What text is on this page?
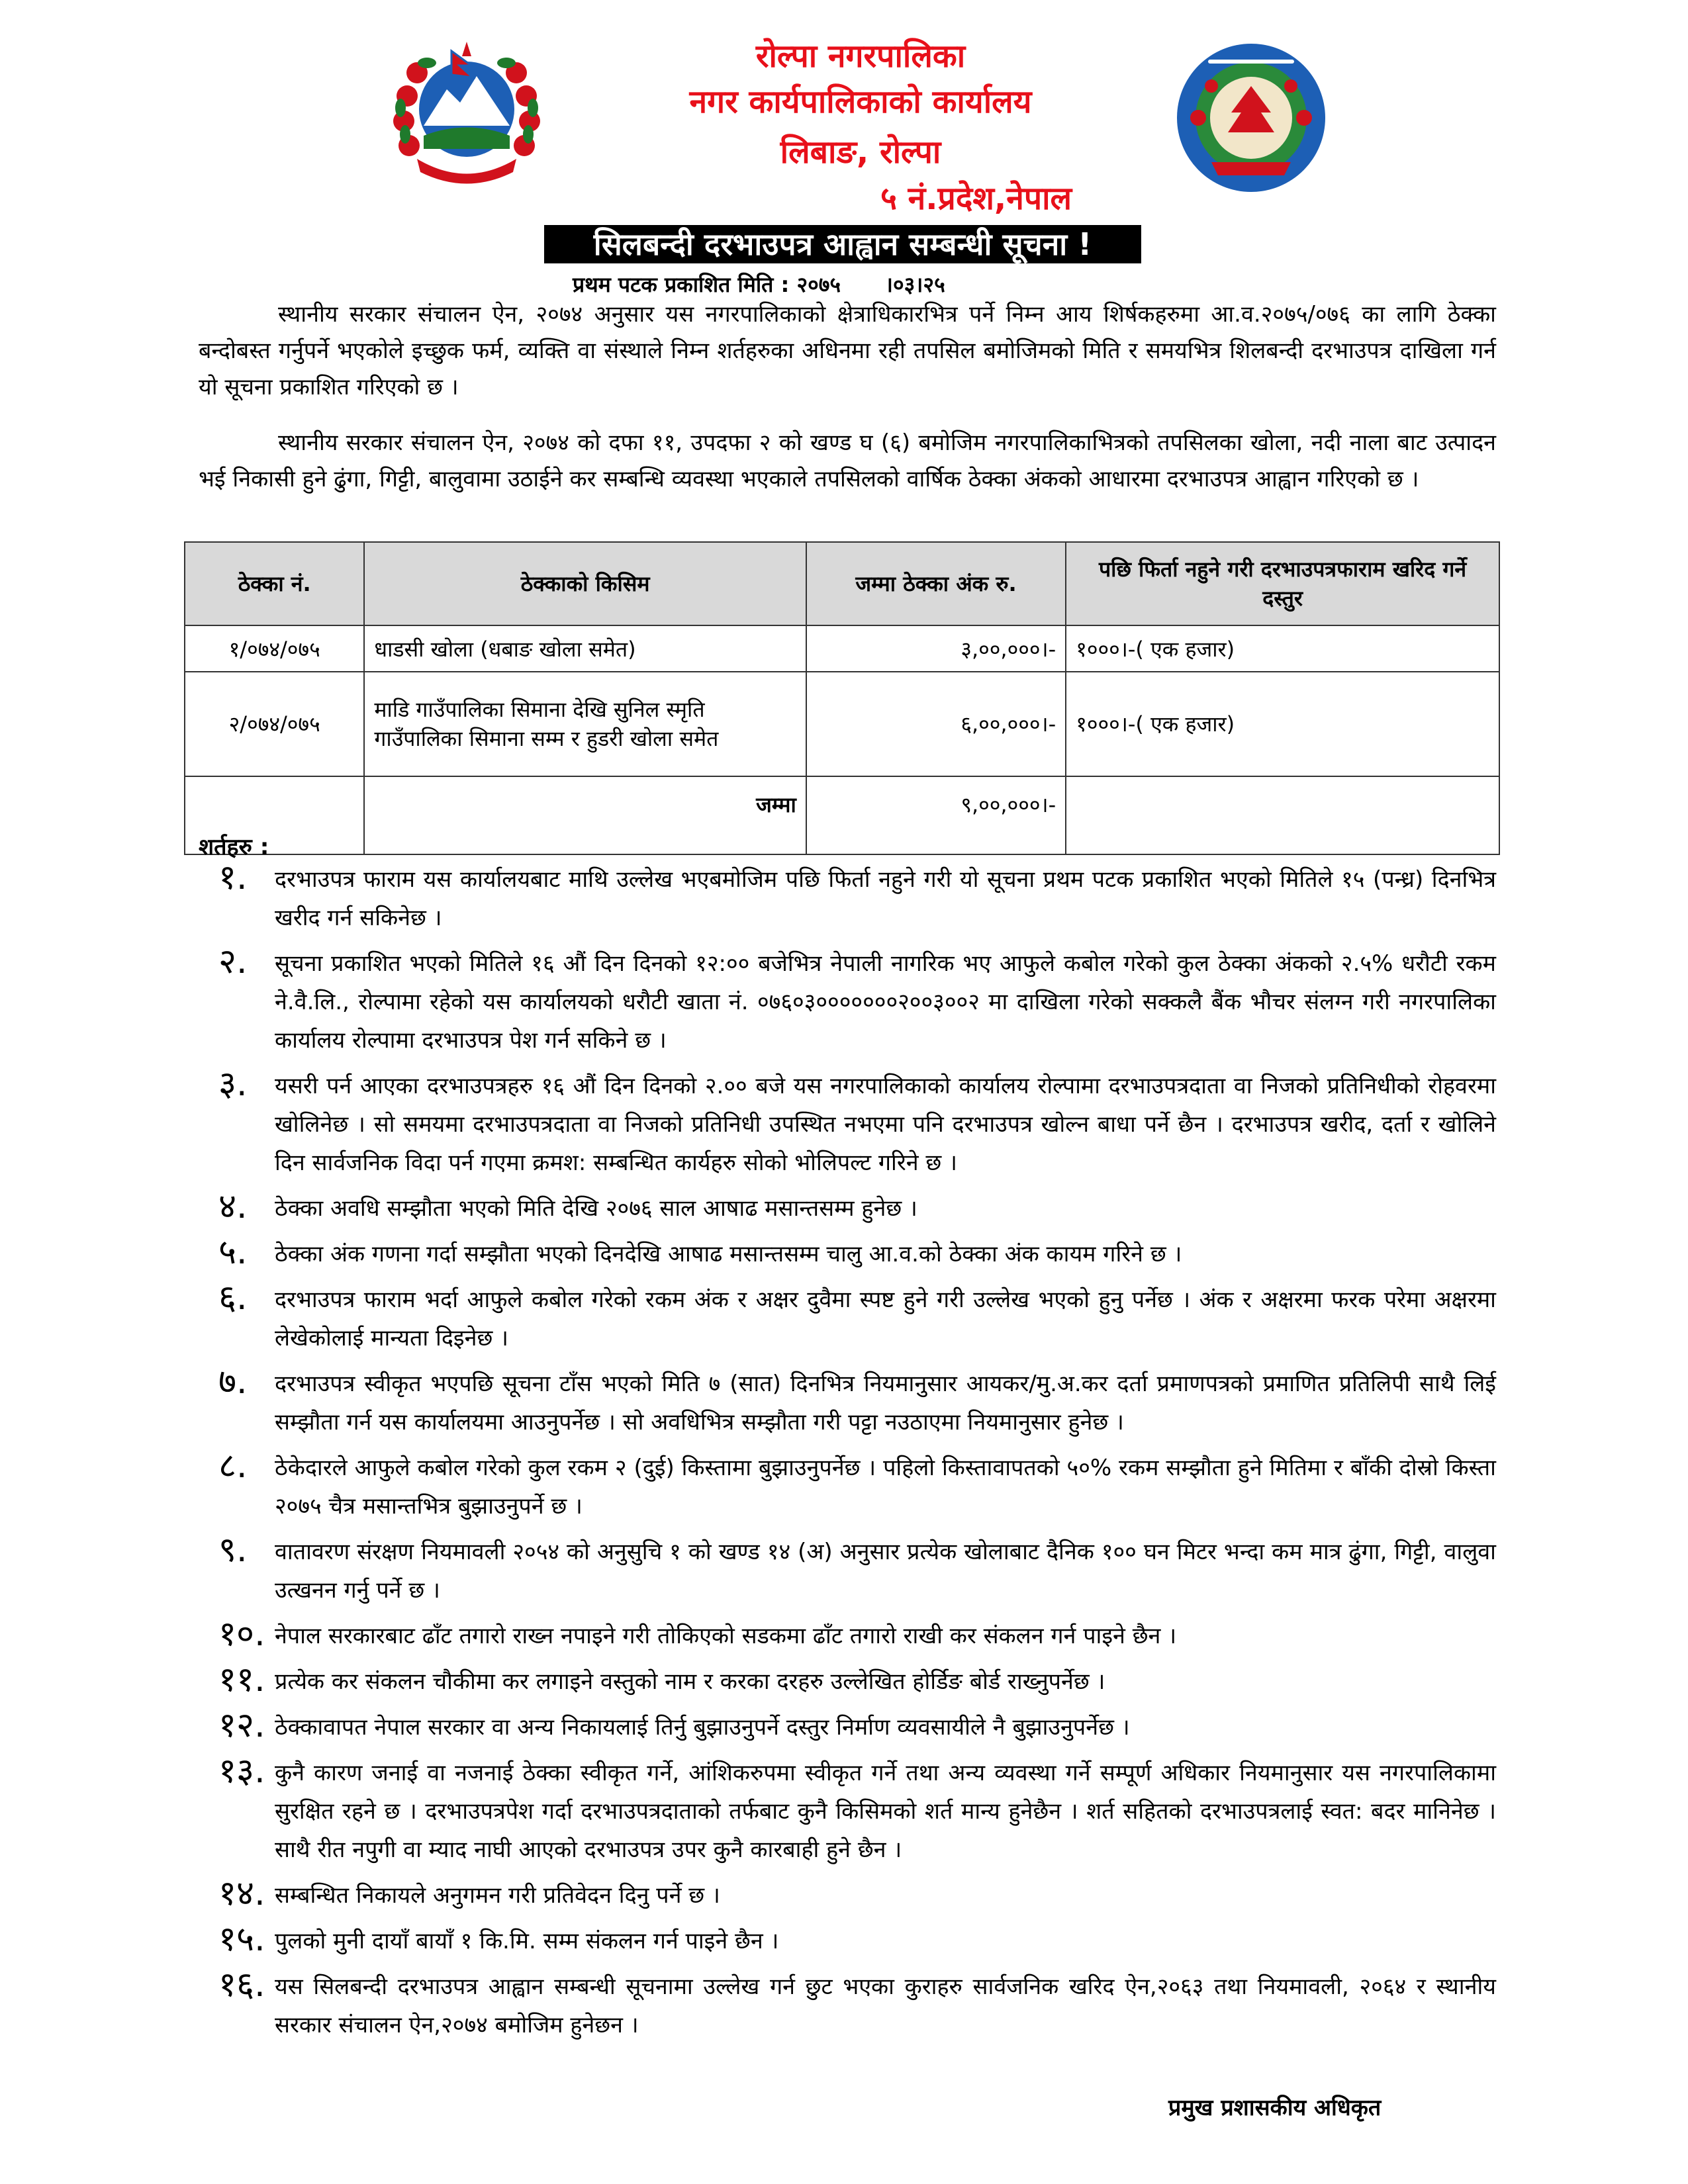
रोल्पा नगरपालिका
नगर कार्यपालिकाको कार्यालय
लिबाङ, रोल्पा
५ नं.प्रदेश,नेपाल
सिलबन्दी दरभाउपत्र आह्वान सम्बन्धी सूचना !
प्रथम पटक प्रकाशित मिति : २०७५      ।०३।२५
स्थानीय सरकार संचालन ऐन, २०७४ अनुसार यस नगरपालिकाको क्षेत्राधिकारभित्र पर्ने निम्न आय शिर्षकहरुमा आ.व.२०७५/०७६ का लागि ठेक्का बन्दोबस्त गर्नुपर्ने भएकोले इच्छुक फर्म, व्यक्ति वा संस्थाले निम्न शर्तहरुका अधिनमा रही तपसिल बमोजिमको मिति र समयभित्र शिलबन्दी दरभाउपत्र दाखिला गर्न यो सूचना प्रकाशित गरिएको छ ।
स्थानीय सरकार संचालन ऐन, २०७४ को दफा ११, उपदफा २ को खण्ड घ (६) बमोजिम नगरपालिकाभित्रको तपसिलका खोला, नदी नाला बाट उत्पादन भई निकासी हुने ढुंगा, गिट्टी, बालुवामा उठाईने कर सम्बन्धि व्यवस्था भएकाले तपसिलको वार्षिक ठेक्का अंकको आधारमा दरभाउपत्र आह्वान गरिएको छ ।
ठेक्का नं.	ठेक्काको किसिम	जम्मा ठेक्का अंक रु.	पछि फिर्ता नहुने गरी दरभाउपत्रफाराम खरिद गर्ने दस्तुर
१/०७४/०७५	धाडसी खोला (धबाङ खोला समेत)	३,००,०००।-	१०००।-( एक हजार)
२/०७४/०७५	माडि गाउँपालिका सिमाना देखि सुनिल स्मृति गाउँपालिका सिमाना सम्म र हुडरी खोला समेत	६,००,०००।-	१०००।-( एक हजार)
	जम्मा	९,००,०००।-	
शर्तहरु :
१. दरभाउपत्र फाराम यस कार्यालयबाट माथि उल्लेख भएबमोजिम पछि फिर्ता नहुने गरी यो सूचना प्रथम पटक प्रकाशित भएको मितिले १५ (पन्ध्र) दिनभित्र खरीद गर्न सकिनेछ ।
२. सूचना प्रकाशित भएको मितिले १६ औं दिन दिनको १२:०० बजेभित्र नेपाली नागरिक भए आफुले कबोल गरेको कुल ठेक्का अंकको २.५% धरौटी रकम ने.वै.लि., रोल्पामा रहेको यस कार्यालयको धरौटी खाता नं. ०७६०३०००००००२००३००२ मा दाखिला गरेको सक्कलै बैंक भौचर संलग्न गरी नगरपालिका कार्यालय रोल्पामा दरभाउपत्र पेश गर्न सकिने छ ।
३. यसरी पर्न आएका दरभाउपत्रहरु १६ औं दिन दिनको २.०० बजे यस नगरपालिकाको कार्यालय रोल्पामा दरभाउपत्रदाता वा निजको प्रतिनिधीको रोहवरमा खोलिनेछ । सो समयमा दरभाउपत्रदाता वा निजको प्रतिनिधी उपस्थित नभएमा पनि दरभाउपत्र खोल्न बाधा पर्ने छैन । दरभाउपत्र खरीद, दर्ता र खोलिने दिन सार्वजनिक विदा पर्न गएमा क्रमश: सम्बन्धित कार्यहरु सोको भोलिपल्ट गरिने छ ।
४. ठेक्का अवधि सम्झौता भएको मिति देखि २०७६ साल आषाढ मसान्तसम्म हुनेछ ।
५. ठेक्का अंक गणना गर्दा सम्झौता भएको दिनदेखि आषाढ मसान्तसम्म चालु आ.व.को ठेक्का अंक कायम गरिने छ ।
६. दरभाउपत्र फाराम भर्दा आफुले कबोल गरेको रकम अंक र अक्षर दुवैमा स्पष्ट हुने गरी उल्लेख भएको हुनु पर्नेछ । अंक र अक्षरमा फरक परेमा अक्षरमा लेखेकोलाई मान्यता दिइनेछ ।
७. दरभाउपत्र स्वीकृत भएपछि सूचना टाँस भएको मिति ७ (सात) दिनभित्र नियमानुसार आयकर/मु.अ.कर दर्ता प्रमाणपत्रको प्रमाणित प्रतिलिपी साथै लिई सम्झौता गर्न यस कार्यालयमा आउनुपर्नेछ । सो अवधिभित्र सम्झौता गरी पट्टा नउठाएमा नियमानुसार हुनेछ ।
८. ठेकेदारले आफुले कबोल गरेको कुल रकम २ (दुई) किस्तामा बुझाउनुपर्नेछ । पहिलो किस्तावापतको ५०% रकम सम्झौता हुने मितिमा र बाँकी दोस्रो किस्ता २०७५ चैत्र मसान्तभित्र बुझाउनुपर्ने छ ।
९. वातावरण संरक्षण नियमावली २०५४ को अनुसुचि १ को खण्ड १४ (अ) अनुसार प्रत्येक खोलाबाट दैनिक १०० घन मिटर भन्दा कम मात्र ढुंगा, गिट्टी, वालुवा उत्खनन गर्नु पर्ने छ ।
१०. नेपाल सरकारबाट ढाँट तगारो राख्न नपाइने गरी तोकिएको सडकमा ढाँट तगारो राखी कर संकलन गर्न पाइने छैन ।
११. प्रत्येक कर संकलन चौकीमा कर लगाइने वस्तुको नाम र करका दरहरु उल्लेखित होर्डिङ बोर्ड राख्नुपर्नेछ ।
१२. ठेक्कावापत नेपाल सरकार वा अन्य निकायलाई तिर्नु बुझाउनुपर्ने दस्तुर निर्माण व्यवसायीले नै बुझाउनुपर्नेछ ।
१३. कुनै कारण जनाई वा नजनाई ठेक्का स्वीकृत गर्ने, आंशिकरुपमा स्वीकृत गर्ने तथा अन्य व्यवस्था गर्ने सम्पूर्ण अधिकार नियमानुसार यस नगरपालिकामा सुरक्षित रहने छ । दरभाउपत्रपेश गर्दा दरभाउपत्रदाताको तर्फबाट कुनै किसिमको शर्त मान्य हुनेछैन । शर्त सहितको दरभाउपत्रलाई स्वत: बदर मानिनेछ । साथै रीत नपुगी वा म्याद नाघी आएको दरभाउपत्र उपर कुनै कारबाही हुने छैन ।
१४. सम्बन्धित निकायले अनुगमन गरी प्रतिवेदन दिनु पर्ने छ ।
१५. पुलको मुनी दायाँ बायाँ १ कि.मि. सम्म संकलन गर्न पाइने छैन ।
१६. यस सिलबन्दी दरभाउपत्र आह्वान सम्बन्धी सूचनामा उल्लेख गर्न छुट भएका कुराहरु सार्वजनिक खरिद ऐन,२०६३ तथा नियमावली, २०६४ र स्थानीय सरकार संचालन ऐन,२०७४ बमोजिम हुनेछन ।
प्रमुख प्रशासकीय अधिकृत
